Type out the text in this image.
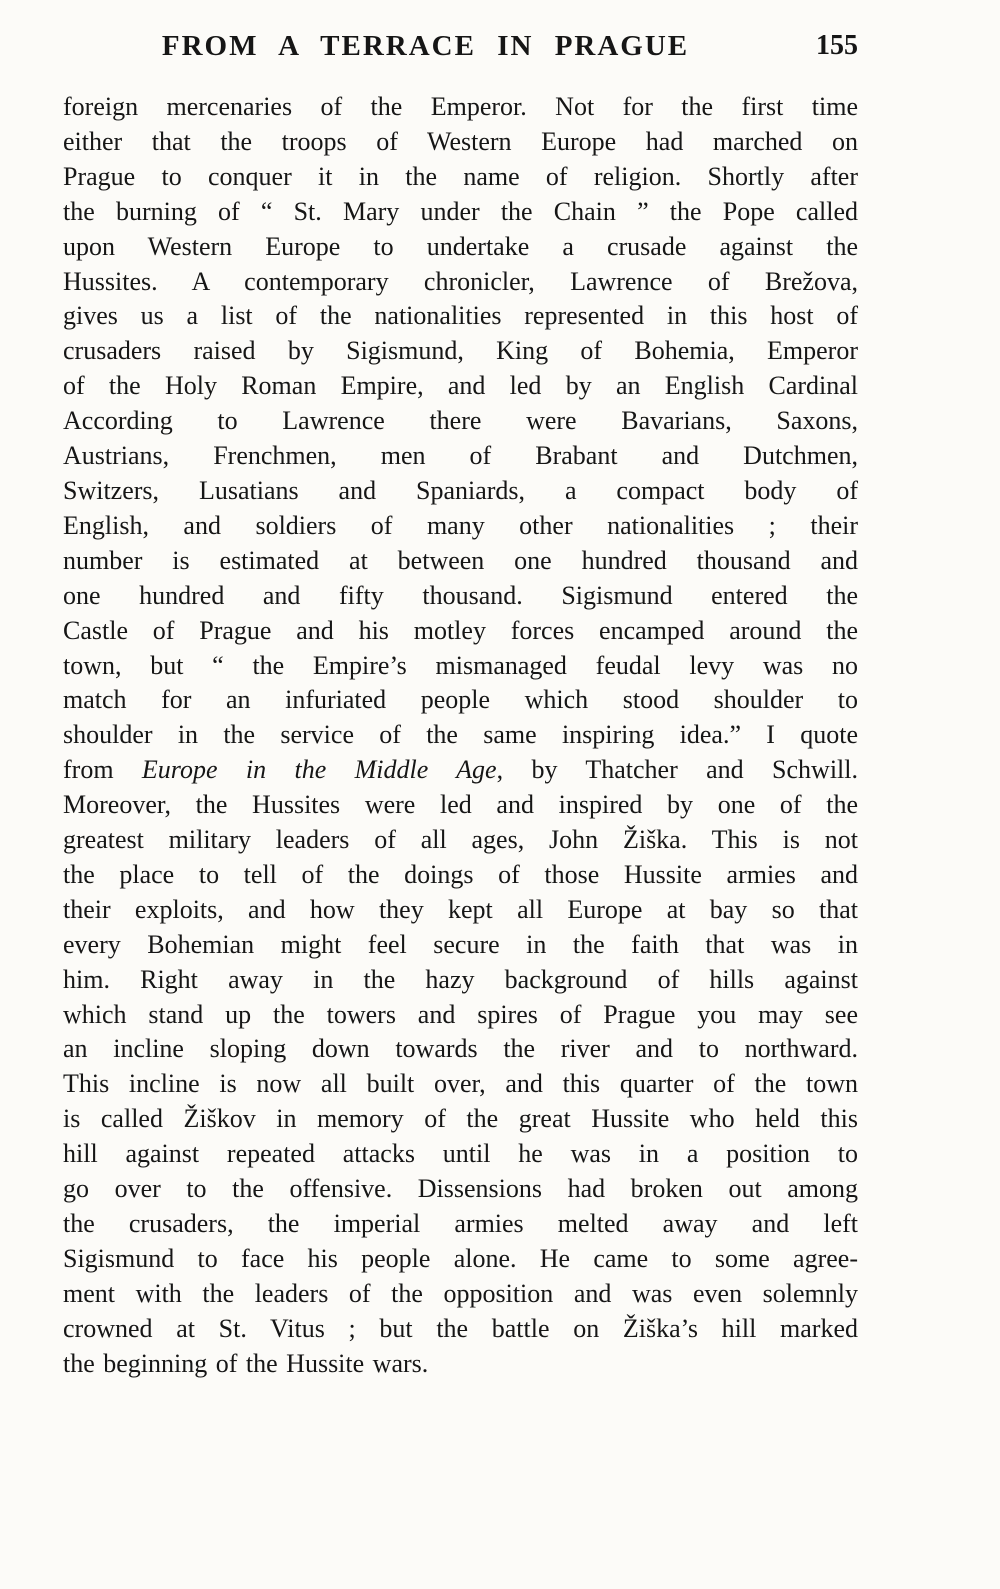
FROM A TERRACE IN PRAGUE	155
foreign mercenaries of the Emperor. Not for the first time
either that the troops of Western Europe had marched on
Prague to conquer it in the name of religion. Shortly after
the burning of “ St. Mary under the Chain ” the Pope called
upon Western Europe to undertake a crusade against the
Hussites. A contemporary chronicler, Lawrence of Brežova,
gives us a list of the nationalities represented in this host of
crusaders raised by Sigismund, King of Bohemia, Emperor
of the Holy Roman Empire, and led by an English Cardinal
According to Lawrence there were Bavarians, Saxons,
Austrians, Frenchmen, men of Brabant and Dutchmen,
Switzers, Lusatians and Spaniards, a compact body of
English, and soldiers of many other nationalities ; their
number is estimated at between one hundred thousand and
one hundred and fifty thousand. Sigismund entered the
Castle of Prague and his motley forces encamped around the
town, but “ the Empire’s mismanaged feudal levy was no
match for an infuriated people which stood shoulder to
shoulder in the service of the same inspiring idea.” I quote
from Europe in the Middle Age, by Thatcher and Schwill.
Moreover, the Hussites were led and inspired by one of the
greatest military leaders of all ages, John Žiška. This is not
the place to tell of the doings of those Hussite armies and
their exploits, and how they kept all Europe at bay so that
every Bohemian might feel secure in the faith that was in
him. Right away in the hazy background of hills against
which stand up the towers and spires of Prague you may see
an incline sloping down towards the river and to northward.
This incline is now all built over, and this quarter of the town
is called Žiškov in memory of the great Hussite who held this
hill against repeated attacks until he was in a position to
go over to the offensive. Dissensions had broken out among
the crusaders, the imperial armies melted away and left
Sigismund to face his people alone. He came to some agree-
ment with the leaders of the opposition and was even solemnly
crowned at St. Vitus ; but the battle on Žiška’s hill marked
the beginning of the Hussite wars.
